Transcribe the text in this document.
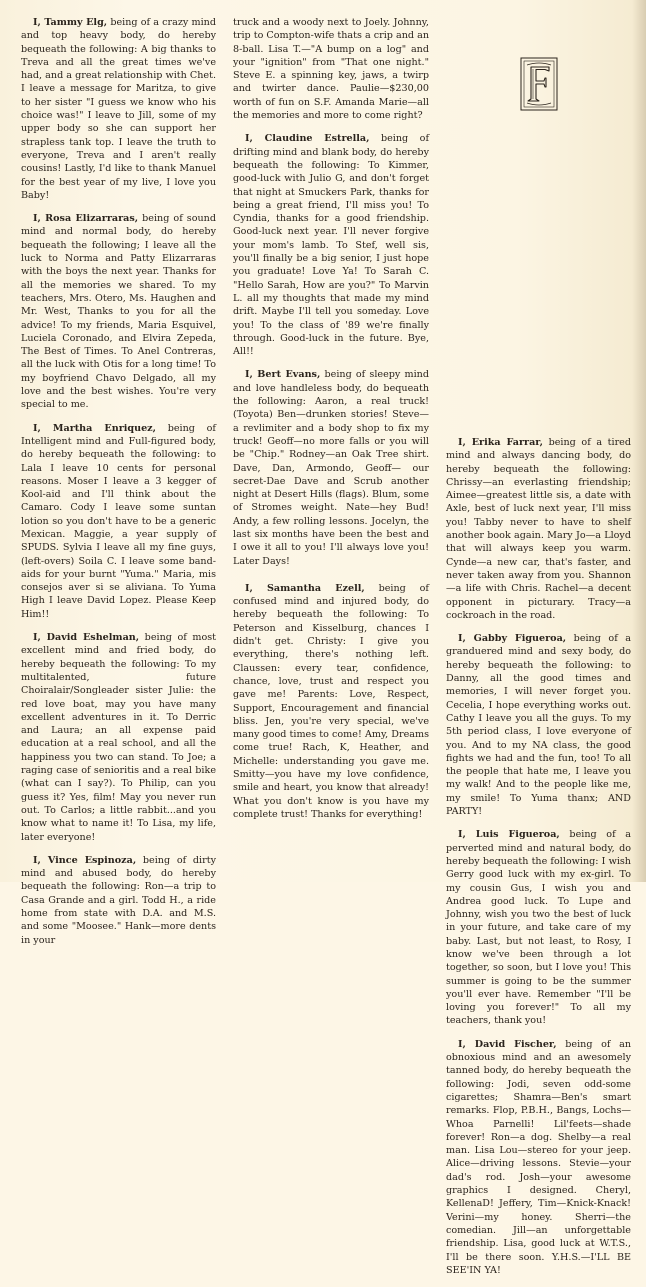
I, Tammy Elg, being of a crazy mind and top heavy body, do hereby bequeath the following: A big thanks to Treva and all the great times we've had, and a great relationship with Chet. I leave a message for Maritza, to give to her sister "I guess we know who his choice was!" I leave to Jill, some of my upper body so she can support her strapless tank top. I leave the truth to everyone, Treva and I aren't really cousins! Lastly, I'd like to thank Manuel for the best year of my live, I love you Baby!

I, Rosa Elizarraras, being of sound mind and normal body, do hereby bequeath the following; I leave all the luck to Norma and Patty Elizarraras with the boys the next year. Thanks for all the memories we shared. To my teachers, Mrs. Otero, Ms. Haughen and Mr. West, Thanks to you for all the advice! To my friends, Maria Esquivel, Luciela Coronado, and Elvira Zepeda, The Best of Times. To Anel Contreras, all the luck with Otis for a long time! To my boyfriend Chavo Delgado, all my love and the best wishes. You're very special to me.

I, Martha Enriquez, being of Intelligent mind and Full-figured body, do hereby bequeath the following: to Lala I leave 10 cents for personal reasons. Moser I leave a 3 kegger of Kool-aid and I'll think about the Camaro. Cody I leave some suntan lotion so you don't have to be a generic Mexican. Maggie, a year supply of SPUDS. Sylvia I leave all my fine guys, (left-overs) Soila C. I leave some band-aids for your burnt "Yuma." Maria, mis consejos aver si se aliviana. To Yuma High I leave David Lopez. Please Keep Him!!

I, David Eshelman, being of most excellent mind and fried body, do hereby bequeath the following: To my multitalented, future Choiralair/Songleader sister Julie: the red love boat, may you have many excellent adventures in it. To Derric and Laura; an all expense paid education at a real school, and all the happiness you two can stand. To Joe; a raging case of senioritis and a real bike (what can I say?). To Philip, can you guess it? Yes, film! May you never run out. To Carlos; a little rabbit...and you know what to name it! To Lisa, my life, later everyone!

I, Vince Espinoza, being of dirty mind and abused body, do hereby bequeath the following: Ron—a trip to Casa Grande and a girl. Todd H., a ride home from state with D.A. and M.S. and some "Moosee." Hank—more dents in your

truck and a woody next to Joely. Johnny, trip to Compton-wife thats a crip and an 8-ball. Lisa T.—"A bump on a log" and your "ignition" from "That one night." Steve E. a spinning key, jaws, a twirp and twirter dance. Paulie—$230,00 worth of fun on S.F. Amanda Marie—all the memories and more to come right?

I, Claudine Estrella, being of drifting mind and blank body, do hereby bequeath the following: To Kimmer, good-luck with Julio G, and don't forget that night at Smuckers Park, thanks for being a great friend, I'll miss you! To Cyndia, thanks for a good friendship. Good-luck next year. I'll never forgive your mom's lamb. To Stef, well sis, you'll finally be a big senior, I just hope you graduate! Love Ya! To Sarah C. "Hello Sarah, How are you?" To Marvin L. all my thoughts that made my mind drift. Maybe I'll tell you someday. Love you! To the class of '89 we're finally through. Good-luck in the future. Bye, All!!

I, Bert Evans, being of sleepy mind and love handleless body, do bequeath the following: Aaron, a real truck! (Toyota) Ben—drunken stories! Steve—a revlimiter and a body shop to fix my truck! Geoff—no more falls or you will be "Chip." Rodney—an Oak Tree shirt. Dave, Dan, Armondo, Geoff— our secret-Dae Dave and Scrub another night at Desert Hills (flags). Blum, some of Stromes weight. Nate—hey Bud! Andy, a few rolling lessons. Jocelyn, the last six months have been the best and I owe it all to you! I'll always love you! Later Days!

I, Samantha Ezell, being of confused mind and injured body, do hereby bequeath the following: To Peterson and Kisselburg, chances I didn't get. Christy: I give you everything, there's nothing left. Claussen: every tear, confidence, chance, love, trust and respect you gave me! Parents: Love, Respect, Support, Encouragement and financial bliss. Jen, you're very special, we've many good times to come! Amy, Dreams come true! Rach, K, Heather, and Michelle: understanding you gave me. Smitty—you have my love confidence, smile and heart, you know that already! What you don't know is you have my complete trust! Thanks for everything!

I, Erika Farrar, being of a tired mind and always dancing body, do hereby bequeath the following: Chrissy—an everlasting friendship; Aimee—greatest little sis, a date with Axle, best of luck next year, I'll miss you! Tabby never to have to shelf another book again. Mary Jo—a Lloyd that will always keep you warm. Cynde—a new car, that's faster, and never taken away from you. Shannon—a life with Chris. Rachel—a decent opponent in picturary. Tracy—a cockroach in the road.

I, Gabby Figueroa, being of a granduered mind and sexy body, do hereby bequeath the following: to Danny, all the good times and memories, I will never forget you. Cecelia, I hope everything works out. Cathy I leave you all the guys. To my 5th period class, I love everyone of you. And to my NA class, the good fights we had and the fun, too! To all the people that hate me, I leave you my walk! And to the people like me, my smile! To Yuma thanx; AND PARTY!

I, Luis Figueroa, being of a perverted mind and natural body, do hereby bequeath the following: I wish Gerry good luck with my ex-girl. To my cousin Gus, I wish you and Andrea good luck. To Lupe and Johnny, wish you two the best of luck in your future, and take care of my baby. Last, but not least, to Rosy, I know we've been through a lot together, so soon, but I love you! This summer is going to be the summer you'll ever have. Remember "I'll be loving you forever!" To all my teachers, thank you!

I, David Fischer, being of an obnoxious mind and an awesomely tanned body, do hereby bequeath the following: Jodi, seven odd-some cigarettes; Shamra—Ben's smart remarks. Flop, P.B.H., Bangs, Lochs—Whoa Parnelli! Lil'feets—shade forever! Ron—a dog. Shelby—a real man. Lisa Lou—stereo for your jeep. Alice—driving lessons. Stevie—your dad's rod. Josh—your awesome graphics I designed. Cheryl, KellenaD! Jeffery, Tim—Knick-Knack! Verini—my honey. Sherri—the comedian. Jill—an unforgettable friendship. Lisa, good luck at W.T.S., I'll be there soon. Y.H.S.—I'LL BE SEE'IN YA!
